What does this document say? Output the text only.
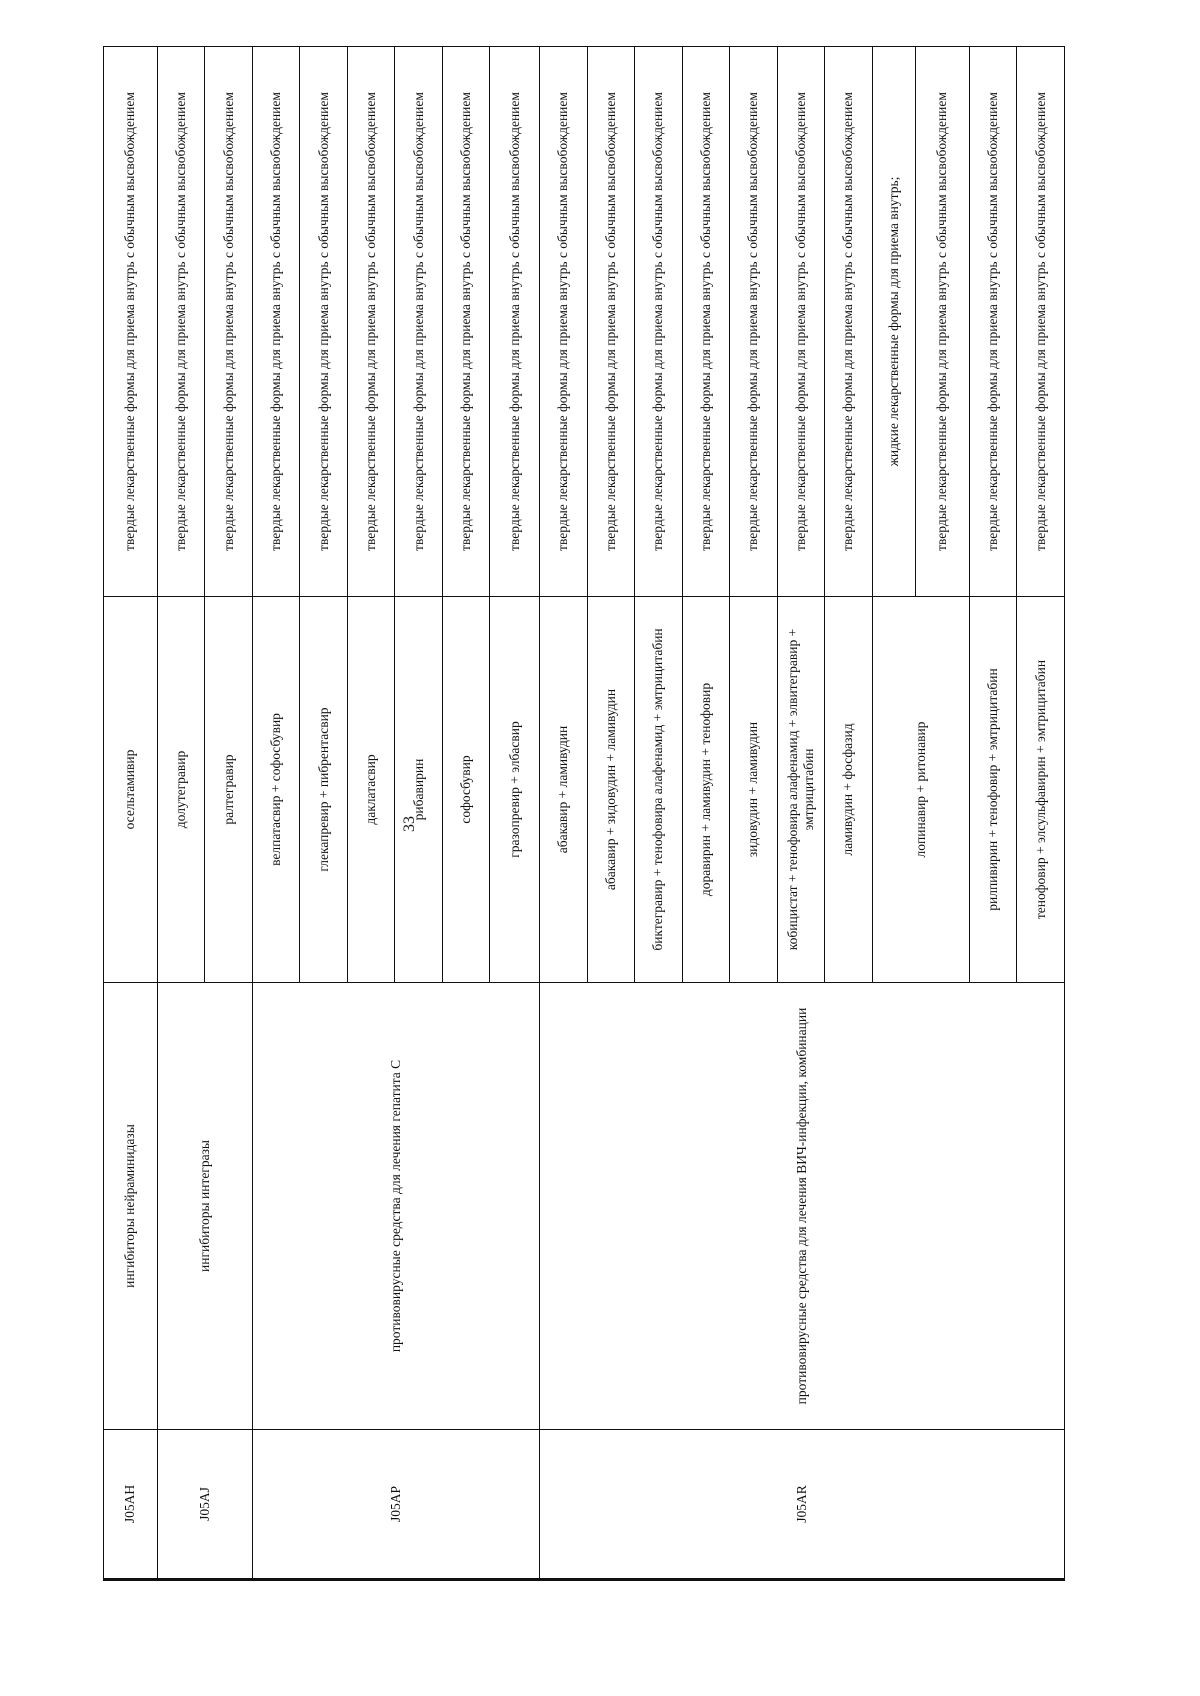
33
J05AH	ингибиторы нейраминидазы	осельтамивир	твердые лекарственные формы для приема внутрь с обычным высвобождением
J05AJ	ингибиторы интегразы	долутегравир	твердые лекарственные формы для приема внутрь с обычным высвобождением
		ралтегравир	твердые лекарственные формы для приема внутрь с обычным высвобождением
J05AP	противовирусные средства для лечения гепатита С	велпатасвир + софосбувир	твердые лекарственные формы для приема внутрь с обычным высвобождением
		глекапревир + пибрентасвир	твердые лекарственные формы для приема внутрь с обычным высвобождением
		даклатасвир	твердые лекарственные формы для приема внутрь с обычным высвобождением
		рибавирин	твердые лекарственные формы для приема внутрь с обычным высвобождением
		софосбувир	твердые лекарственные формы для приема внутрь с обычным высвобождением
		гразопревир + элбасвир	твердые лекарственные формы для приема внутрь с обычным высвобождением
J05AR	противовирусные средства для лечения ВИЧ-инфекции, комбинации	абакавир + ламивудин	твердые лекарственные формы для приема внутрь с обычным высвобождением
		абакавир + зидовудин + ламивудин	твердые лекарственные формы для приема внутрь с обычным высвобождением
		биктегравир + тенофовира алафенамид + эмтрицитабин	твердые лекарственные формы для приема внутрь с обычным высвобождением
		доравирин + ламивудин + тенофовир	твердые лекарственные формы для приема внутрь с обычным высвобождением
		зидовудин + ламивудин	твердые лекарственные формы для приема внутрь с обычным высвобождением
		кобицистат + тенофовира алафенамид + элвитегравир + эмтрицитабин	твердые лекарственные формы для приема внутрь с обычным высвобождением
		ламивудин + фосфазид	твердые лекарственные формы для приема внутрь с обычным высвобождением
		лопинавир + ритонавир	жидкие лекарственные формы для приема внутрь;
			твердые лекарственные формы для приема внутрь с обычным высвобождением
		рилпивирин + тенофовир + эмтрицитабин	твердые лекарственные формы для приема внутрь с обычным высвобождением
		тенофовир + элсульфавирин + эмтрицитабин	твердые лекарственные формы для приема внутрь с обычным высвобождением
